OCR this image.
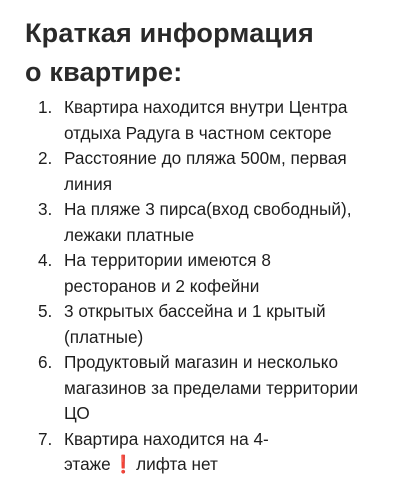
Краткая информация
о квартире:
1. Квартира находится внутри Центра
отдыха Радуга в частном секторе
2. Расстояние до пляжа 500м, первая
линия
3. На пляже 3 пирса(вход свободный),
лежаки платные
4. На территории имеются 8
ресторанов и 2 кофейни
5. 3 открытых бассейна и 1 крытый
(платные)
6. Продуктовый магазин и несколько
магазинов за пределами территории
ЦО
7. Квартира находится на 4-
этаже ❗ лифта нет
